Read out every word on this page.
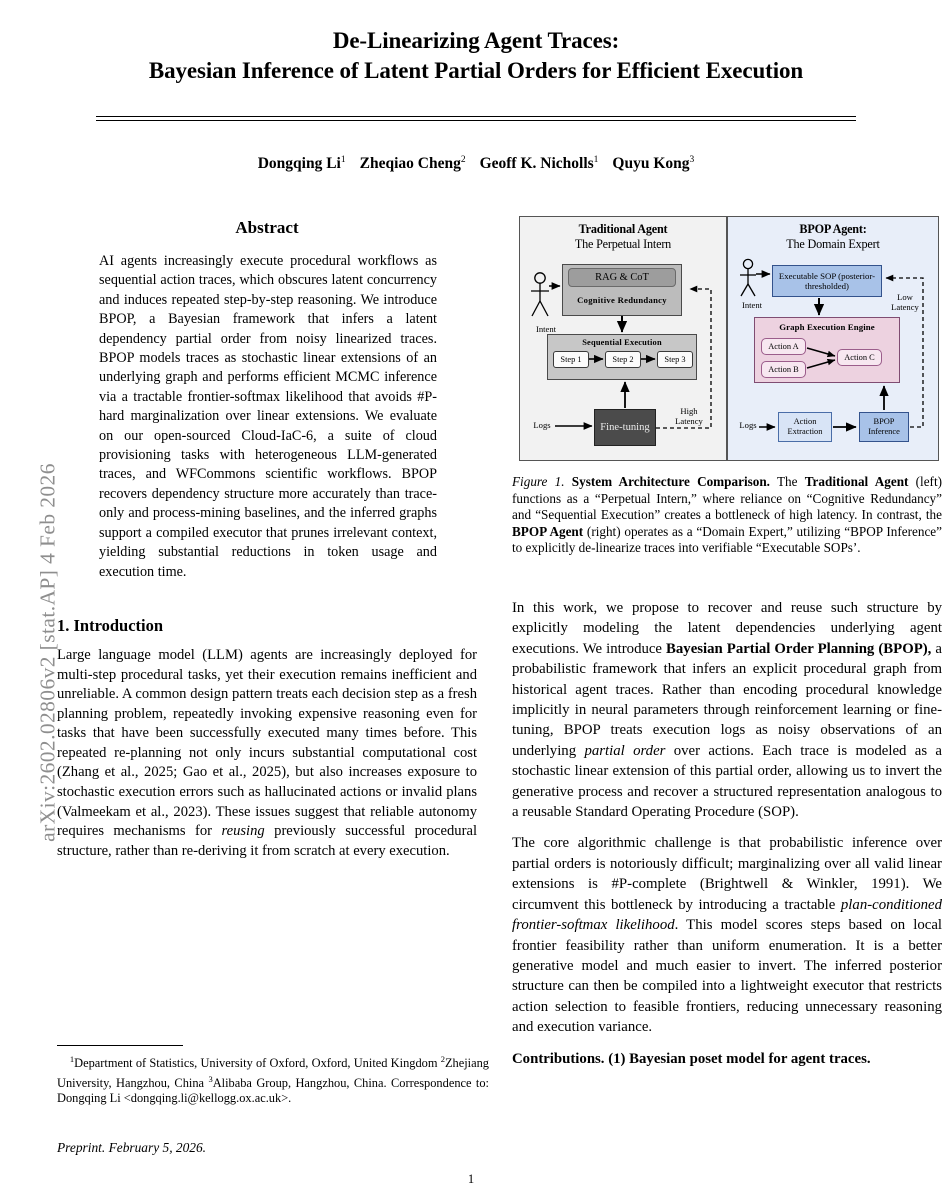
arXiv:2602.02806v2 [stat.AP] 4 Feb 2026
De-Linearizing Agent Traces:
Bayesian Inference of Latent Partial Orders for Efficient Execution
Dongqing Li$^1$ Zheqiao Cheng$^2$ Geoff K. Nicholls$^1$ Quyu Kong$^3$
Abstract
AI agents increasingly execute procedural workflows as sequential action traces, which obscures latent concurrency and induces repeated step-by-step reasoning. We introduce BPOP, a Bayesian framework that infers a latent dependency partial order from noisy linearized traces. BPOP models traces as stochastic linear extensions of an underlying graph and performs efficient MCMC inference via a tractable frontier-softmax likelihood that avoids #P-hard marginalization over linear extensions. We evaluate on our open-sourced Cloud-IaC-6, a suite of cloud provisioning tasks with heterogeneous LLM-generated traces, and WFCommons scientific workflows. BPOP recovers dependency structure more accurately than trace-only and process-mining baselines, and the inferred graphs support a compiled executor that prunes irrelevant context, yielding substantial reductions in token usage and execution time.
1. Introduction

Large language model (LLM) agents are increasingly deployed for multi-step procedural tasks, yet their execution remains inefficient and unreliable. A common design pattern treats each decision step as a fresh planning problem, repeatedly invoking expensive reasoning even for tasks that have been successfully executed many times before. This repeated re-planning not only incurs substantial computational cost (Zhang et al., 2025; Gao et al., 2025), but also increases exposure to stochastic execution errors such as hallucinated actions or invalid plans (Valmeekam et al., 2023). These issues suggest that reliable autonomy requires mechanisms for reusing previously successful procedural structure, rather than re-deriving it from scratch at every execution.

$^1$Department of Statistics, University of Oxford, Oxford, United Kingdom $^2$Zhejiang University, Hangzhou, China $^3$Alibaba Group, Hangzhou, China. Correspondence to: Dongqing Li <dongqing.li@kellogg.ox.ac.uk>.
Preprint. February 5, 2026.
1
Traditional Agent
The Perpetual Intern
BPOP Agent:
The Domain Expert
RAG & CoT
Cognitive Redundancy
Sequential Execution
Step 1	Step 2	Step 3
Fine-tuning
Intent
Logs
High Latency
Executable SOP (posterior-thresholded)
Graph Execution Engine
Action A
Action B
Action C
Action Extraction
BPOP Inference
Intent
Logs
Low Latency
Figure 1. System Architecture Comparison. The Traditional Agent (left) functions as a “Perpetual Intern,” where reliance on “Cognitive Redundancy” and “Sequential Execution” creates a bottleneck of high latency. In contrast, the BPOP Agent (right) operates as a “Domain Expert,” utilizing “BPOP Inference” to explicitly de-linearize traces into verifiable “Executable SOPs’.

In this work, we propose to recover and reuse such structure by explicitly modeling the latent dependencies underlying agent executions. We introduce Bayesian Partial Order Planning (BPOP), a probabilistic framework that infers an explicit procedural graph from historical agent traces. Rather than encoding procedural knowledge implicitly in neural parameters through reinforcement learning or fine-tuning, BPOP treats execution logs as noisy observations of an underlying partial order over actions. Each trace is modeled as a stochastic linear extension of this partial order, allowing us to invert the generative process and recover a structured representation analogous to a reusable Standard Operating Procedure (SOP).

The core algorithmic challenge is that probabilistic inference over partial orders is notoriously difficult; marginalizing over all valid linear extensions is #P-complete (Brightwell & Winkler, 1991). We circumvent this bottleneck by introducing a tractable plan-conditioned frontier-softmax likelihood. This model scores steps based on local frontier feasibility rather than uniform enumeration. It is a better generative model and much easier to invert. The inferred posterior structure can then be compiled into a lightweight executor that restricts action selection to feasible frontiers, reducing unnecessary reasoning and execution variance.

Contributions. (1) Bayesian poset model for agent traces.
